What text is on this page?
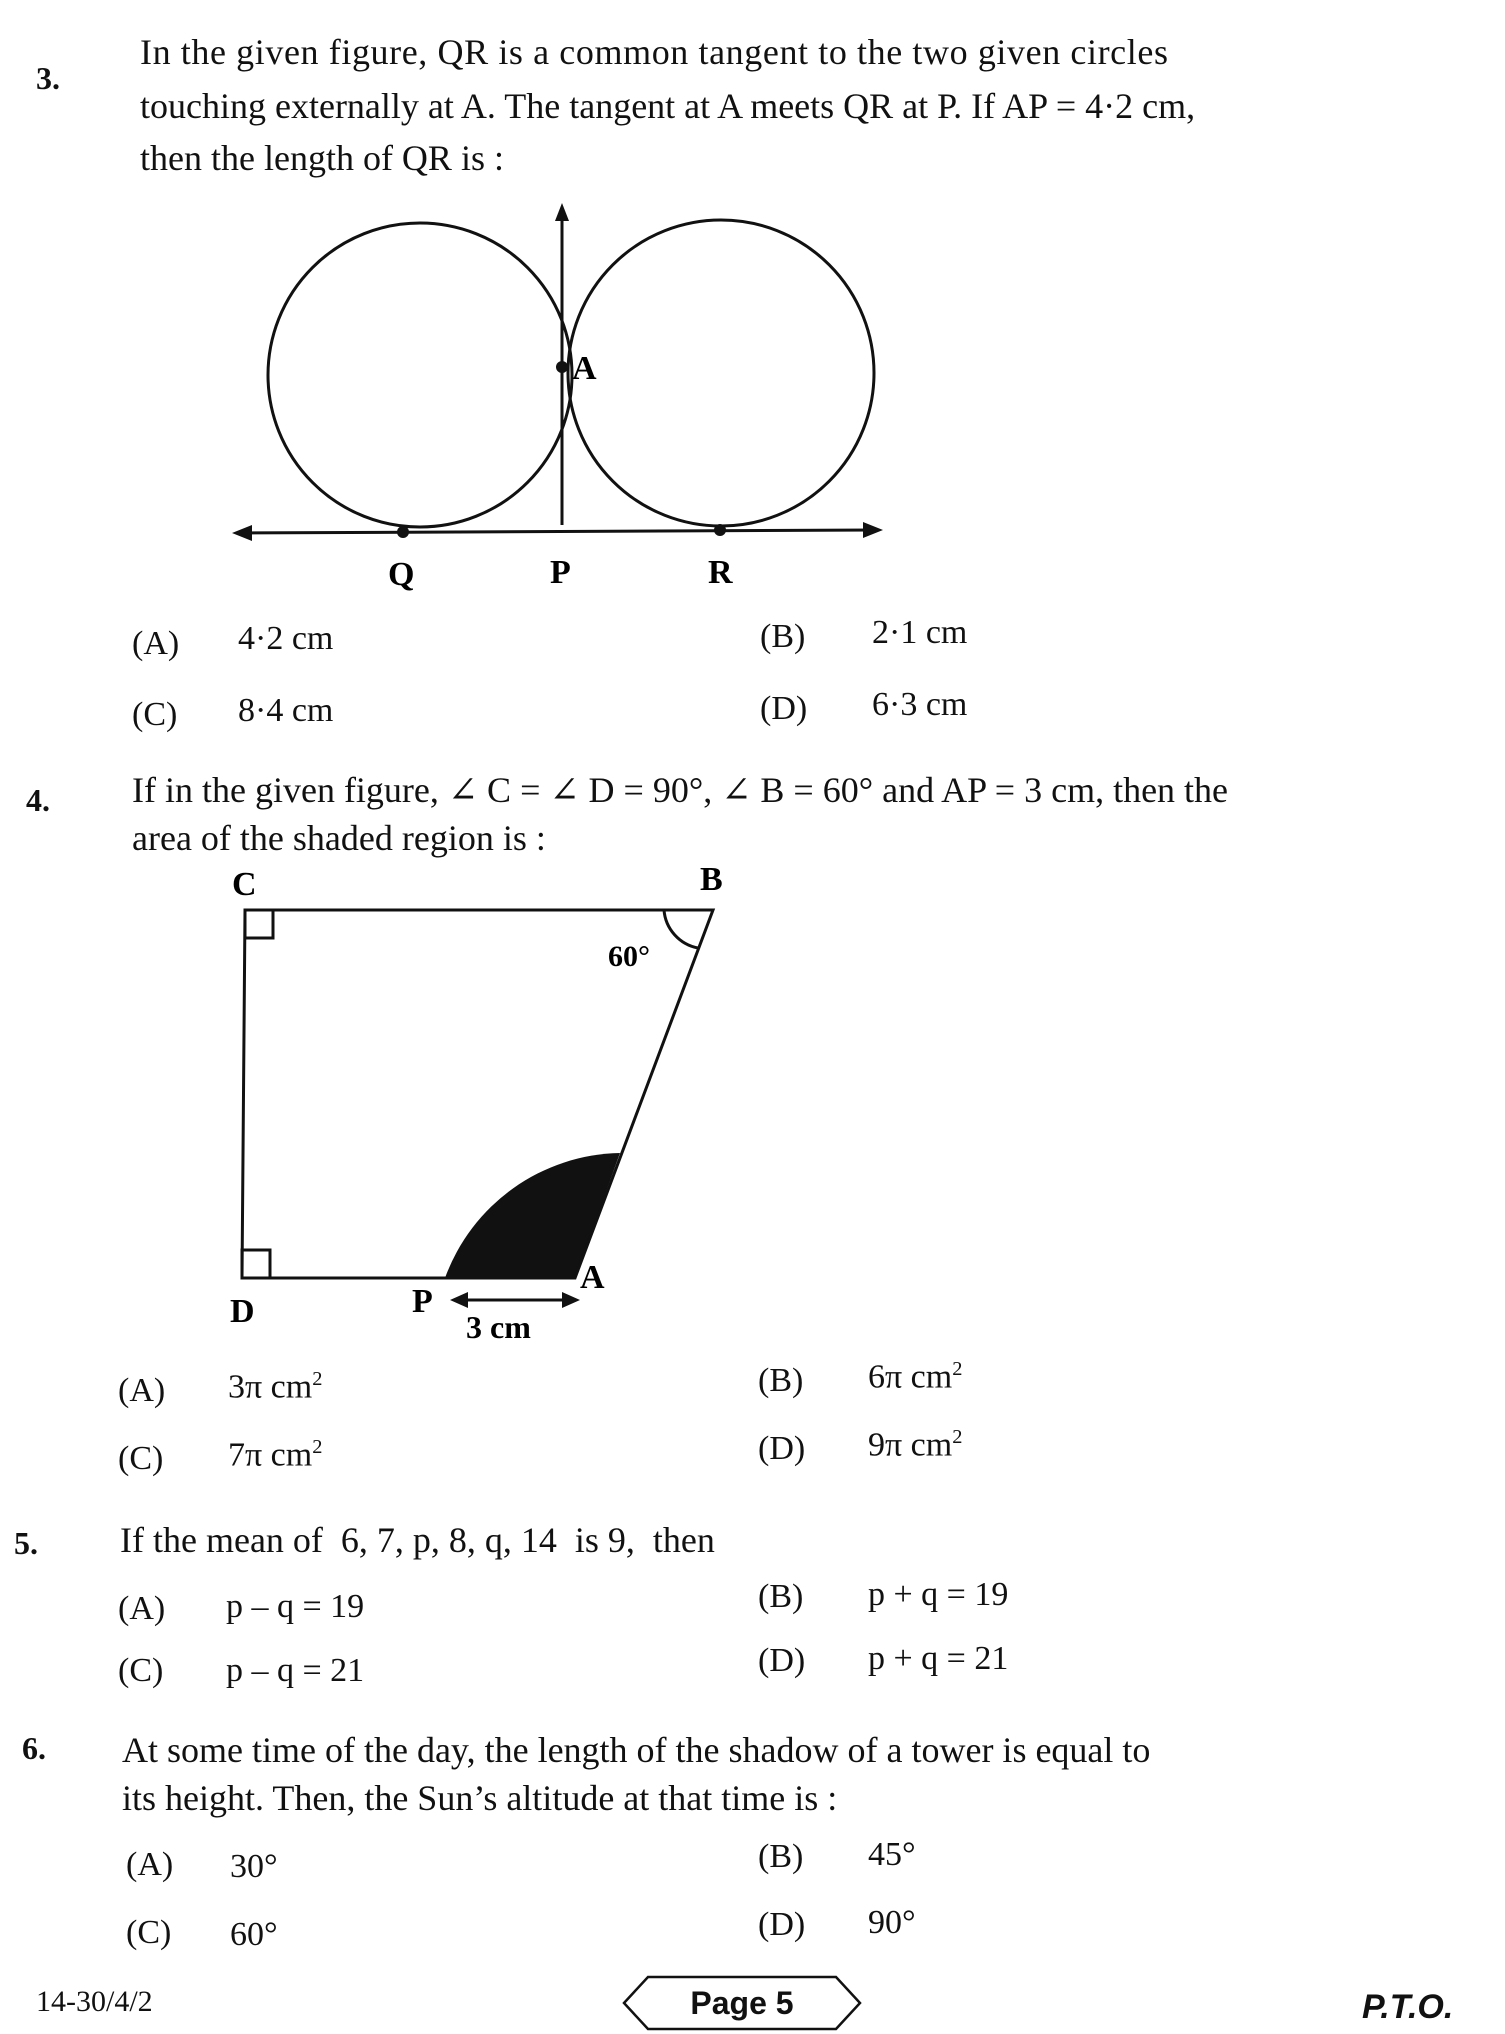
3.
In the given figure, QR is a common tangent to the two given circles
touching externally at A. The tangent at A meets QR at P. If AP = 4·2 cm,
then the length of QR is :
A
Q	P	R
(A) 4·2 cm	(B) 2·1 cm
(C) 8·4 cm	(D) 6·3 cm
4. If in the given figure, ∠ C = ∠ D = 90°, ∠ B = 60° and AP = 3 cm, then the
area of the shaded region is :
C	B
60°
D	P
A
3 cm
(A) 3π $cm^2$	(B) 6π $cm^2$
(C) 7π $cm^2$	(D) 9π $cm^2$
5. If the mean of  6, 7, p, 8, q, 14  is 9,  then
(A) p – q = 19	(B) p + q = 19
(C) p – q = 21	(D) p + q = 21
6. At some time of the day, the length of the shadow of a tower is equal to
its height. Then, the Sun’s altitude at that time is :
(A) 30°	(B) 45°
(C) 60°	(D) 90°
14-30/4/2	Page 5	P.T.O.
